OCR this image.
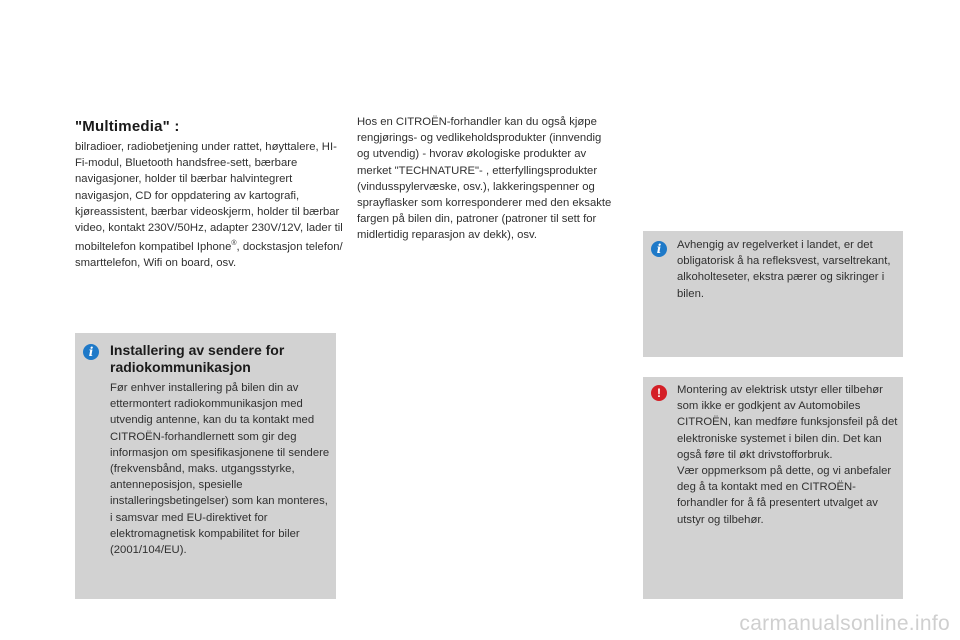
"Multimedia" :

bilradioer, radiobetjening under rattet, høyttalere, HI-Fi-modul, Bluetooth handsfree-sett, bærbare navigasjoner, holder til bærbar halvintegrert navigasjon, CD for oppdatering av kartografi, kjøreassistent, bærbar videoskjerm, holder til bærbar video, kontakt 230V/50Hz, adapter 230V/12V, lader til mobiltelefon kompatibel Iphone®, dockstasjon telefon/ smarttelefon, Wifi on board, osv.

Hos en CITROËN-forhandler kan du også kjøpe rengjørings- og vedlikeholdsprodukter (innvendig og utvendig) - hvorav økologiske produkter av merket "TECHNATURE"- , etterfyllingsprodukter (vindusspylervæske, osv.), lakkeringspenner og sprayflasker som korresponderer med den eksakte fargen på bilen din, patroner (patroner til sett for midlertidig reparasjon av dekk), osv.

i	Installering av sendere for radiokommunikasjon

Før enhver installering på bilen din av ettermontert radiokommunikasjon med utvendig antenne, kan du ta kontakt med CITROËN-forhandlernett som gir deg informasjon om spesifikasjonene til sendere (frekvensbånd, maks. utgangsstyrke, antenneposisjon, spesielle installeringsbetingelser) som kan monteres, i samsvar med EU-direktivet for elektromagnetisk kompabilitet for biler (2001/104/EU).

i	Avhengig av regelverket i landet, er det obligatorisk å ha refleksvest, varseltrekant, alkoholteseter, ekstra pærer og sikringer i bilen.

!	Montering av elektrisk utstyr eller tilbehør som ikke er godkjent av Automobiles CITROËN, kan medføre funksjonsfeil på det elektroniske systemet i bilen din. Det kan også føre til økt drivstofforbruk.

Vær oppmerksom på dette, og vi anbefaler deg å ta kontakt med en CITROËN-forhandler for å få presentert utvalget av utstyr og tilbehør.

carmanualsonline.info
